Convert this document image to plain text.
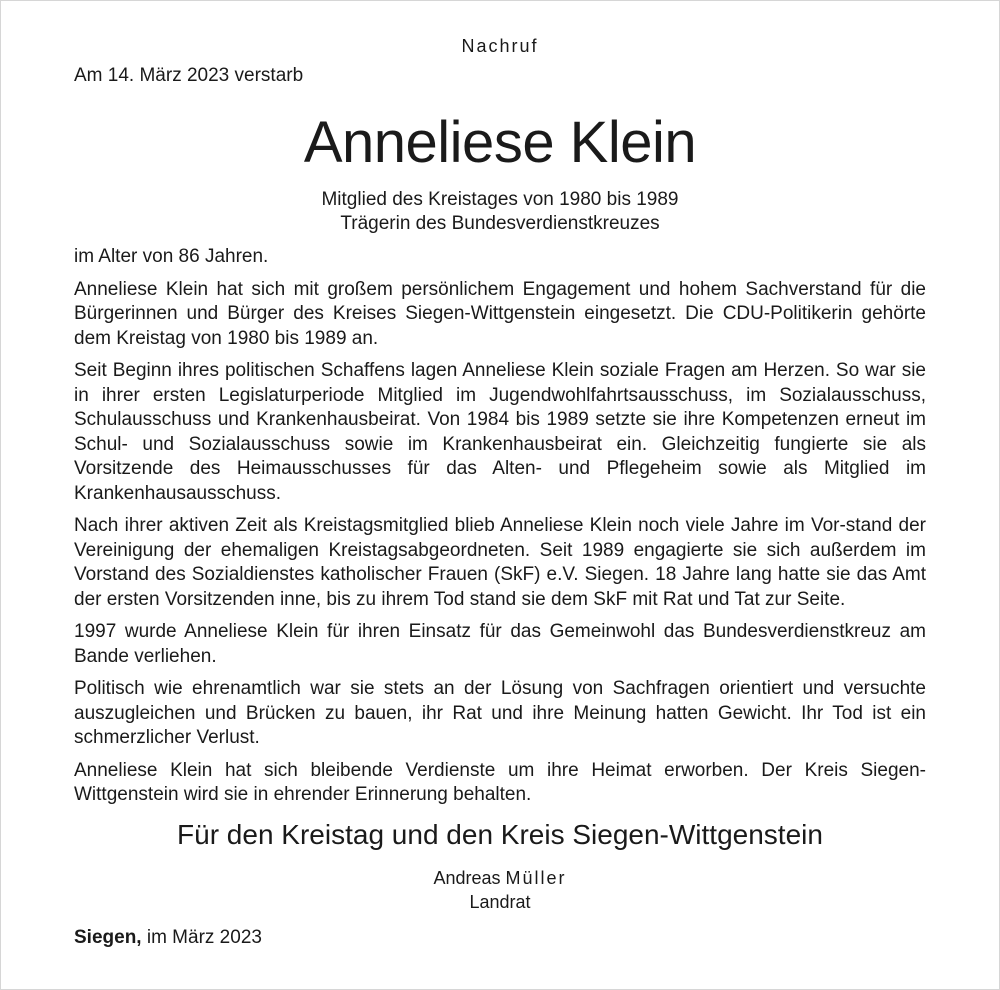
Nachruf
Am 14. März 2023 verstarb
Anneliese Klein
Mitglied des Kreistages von 1980 bis 1989
Trägerin des Bundesverdienstkreuzes

im Alter von 86 Jahren.

Anneliese Klein hat sich mit großem persönlichem Engagement und hohem Sachverstand für die Bürgerinnen und Bürger des Kreises Siegen-Wittgenstein eingesetzt. Die CDU-Politikerin gehörte dem Kreistag von 1980 bis 1989 an.

Seit Beginn ihres politischen Schaffens lagen Anneliese Klein soziale Fragen am Herzen. So war sie in ihrer ersten Legislaturperiode Mitglied im Jugendwohlfahrtsausschuss, im Sozialausschuss, Schulausschuss und Krankenhausbeirat. Von 1984 bis 1989 setzte sie ihre Kompetenzen erneut im Schul- und Sozialausschuss sowie im Krankenhausbeirat ein. Gleichzeitig fungierte sie als Vorsitzende des Heimausschusses für das Alten- und Pflegeheim sowie als Mitglied im Krankenhausausschuss.

Nach ihrer aktiven Zeit als Kreistagsmitglied blieb Anneliese Klein noch viele Jahre im Vor-stand der Vereinigung der ehemaligen Kreistagsabgeordneten. Seit 1989 engagierte sie sich außerdem im Vorstand des Sozialdienstes katholischer Frauen (SkF) e.V. Siegen. 18 Jahre lang hatte sie das Amt der ersten Vorsitzenden inne, bis zu ihrem Tod stand sie dem SkF mit Rat und Tat zur Seite.

1997 wurde Anneliese Klein für ihren Einsatz für das Gemeinwohl das Bundesverdienstkreuz am Bande verliehen.

Politisch wie ehrenamtlich war sie stets an der Lösung von Sachfragen orientiert und versuchte auszugleichen und Brücken zu bauen, ihr Rat und ihre Meinung hatten Gewicht. Ihr Tod ist ein schmerzlicher Verlust.

Anneliese Klein hat sich bleibende Verdienste um ihre Heimat erworben. Der Kreis Siegen-Wittgenstein wird sie in ehrender Erinnerung behalten.

Für den Kreistag und den Kreis Siegen-Wittgenstein
Andreas Müller
Landrat
Siegen, im März 2023
